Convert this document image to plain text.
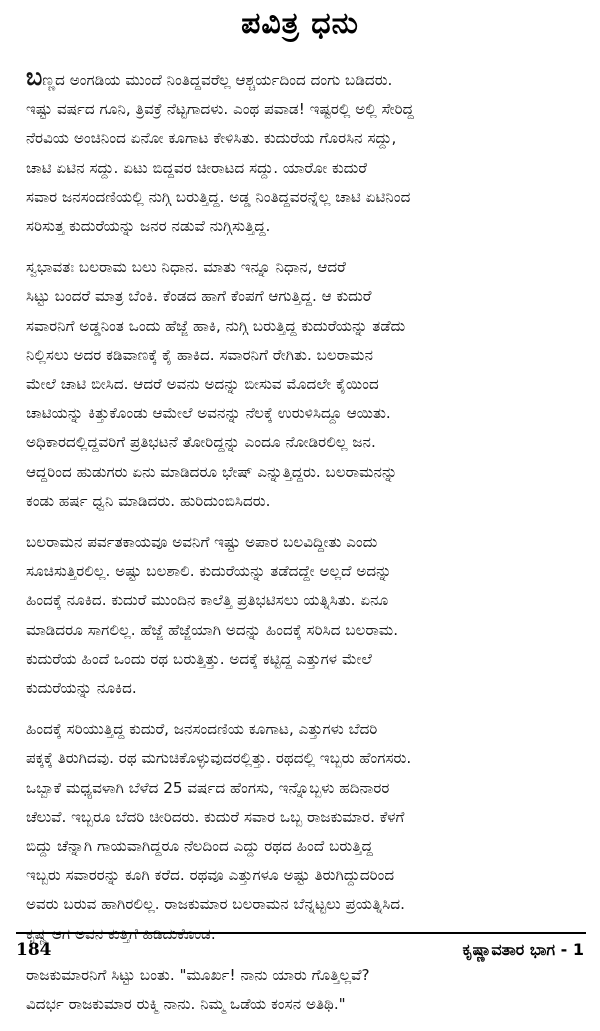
ಪವಿತ್ರ ಧನು
ಬಣ್ಣದ ಅಂಗಡಿಯ ಮುಂದೆ ನಿಂತಿದ್ದವರೆಲ್ಲ ಆಶ್ಚರ್ಯದಿಂದ ದಂಗು ಬಡಿದರು.
ಇಷ್ಟು ವರ್ಷದ ಗೂನಿ, ತ್ರಿವಕ್ರೆ ನೆಟ್ಟಗಾದಳು. ಎಂಥ ಪವಾಡ! ಇಷ್ಟರಲ್ಲಿ ಅಲ್ಲಿ ಸೇರಿದ್ದ
ನೆರವಿಯ ಅಂಚಿನಿಂದ ಏನೋ ಕೂಗಾಟ ಕೇಳಿಸಿತು. ಕುದುರೆಯ ಗೊರಸಿನ ಸದ್ದು,
ಚಾಟಿ ಏಟಿನ ಸದ್ದು. ಏಟು ಬಿದ್ದವರ ಚೀರಾಟದ ಸದ್ದು. ಯಾರೋ ಕುದುರೆ
ಸವಾರ ಜನಸಂದಣಿಯಲ್ಲಿ ನುಗ್ಗಿ ಬರುತ್ತಿದ್ದ. ಅಡ್ಡ ನಿಂತಿದ್ದವರನ್ನೆಲ್ಲ ಚಾಟಿ ಏಟಿನಿಂದ
ಸರಿಸುತ್ತ ಕುದುರೆಯನ್ನು ಜನರ ನಡುವೆ ನುಗ್ಗಿಸುತ್ತಿದ್ದ.
ಸ್ವಭಾವತಃ ಬಲರಾಮ ಬಲು ನಿಧಾನ. ಮಾತು ಇನ್ನೂ ನಿಧಾನ, ಆದರೆ
ಸಿಟ್ಟು ಬಂದರೆ ಮಾತ್ರ ಬೆಂಕಿ. ಕೆಂಡದ ಹಾಗೆ ಕೆಂಪಗೆ ಆಗುತ್ತಿದ್ದ. ಆ ಕುದುರೆ
ಸವಾರನಿಗೆ ಅಡ್ಡನಿಂತ ಒಂದು ಹೆಜ್ಜೆ ಹಾಕಿ, ನುಗ್ಗಿ ಬರುತ್ತಿದ್ದ ಕುದುರೆಯನ್ನು ತಡೆದು
ನಿಲ್ಲಿಸಲು ಅದರ ಕಡಿವಾಣಕ್ಕೆ ಕೈ ಹಾಕಿದ. ಸವಾರನಿಗೆ ರೇಗಿತು. ಬಲರಾಮನ
ಮೇಲೆ ಚಾಟಿ ಬೀಸಿದ. ಆದರೆ ಅವನು ಅದನ್ನು ಬೀಸುವ ಮೊದಲೇ ಕೈಯಿಂದ
ಚಾಟಿಯನ್ನು ಕಿತ್ತುಕೊಂಡು ಆಮೇಲೆ ಅವನನ್ನು ನೆಲಕ್ಕೆ ಉರುಳಿಸಿದ್ದೂ ಆಯಿತು.
ಅಧಿಕಾರದಲ್ಲಿದ್ದವರಿಗೆ ಪ್ರತಿಭಟನೆ ತೋರಿದ್ದನ್ನು ಎಂದೂ ನೋಡಿರಲಿಲ್ಲ ಜನ.
ಆದ್ದರಿಂದ ಹುಡುಗರು ಏನು ಮಾಡಿದರೂ ಭೇಷ್ ಎನ್ನುತ್ತಿದ್ದರು. ಬಲರಾಮನನ್ನು
ಕಂಡು ಹರ್ಷ ಧ್ವನಿ ಮಾಡಿದರು. ಹುರಿದುಂಬಿಸಿದರು.
ಬಲರಾಮನ ಪರ್ವತಕಾಯವೂ ಅವನಿಗೆ ಇಷ್ಟು ಅಪಾರ ಬಲವಿದ್ದೀತು ಎಂದು
ಸೂಚಿಸುತ್ತಿರಲಿಲ್ಲ. ಅಷ್ಟು ಬಲಶಾಲಿ. ಕುದುರೆಯನ್ನು ತಡೆದದ್ದೇ ಅಲ್ಲದೆ ಅದನ್ನು
ಹಿಂದಕ್ಕೆ ನೂಕಿದ. ಕುದುರೆ ಮುಂದಿನ ಕಾಲೆತ್ತಿ ಪ್ರತಿಭಟಿಸಲು ಯತ್ನಿಸಿತು. ಏನೂ
ಮಾಡಿದರೂ ಸಾಗಲಿಲ್ಲ. ಹೆಜ್ಜೆ ಹೆಜ್ಜೆಯಾಗಿ ಅದನ್ನು ಹಿಂದಕ್ಕೆ ಸರಿಸಿದ ಬಲರಾಮ.
ಕುದುರೆಯ ಹಿಂದೆ ಒಂದು ರಥ ಬರುತ್ತಿತ್ತು. ಅದಕ್ಕೆ ಕಟ್ಟಿದ್ದ ಎತ್ತುಗಳ ಮೇಲೆ
ಕುದುರೆಯನ್ನು ನೂಕಿದ.
ಹಿಂದಕ್ಕೆ ಸರಿಯುತ್ತಿದ್ದ ಕುದುರೆ, ಜನಸಂದಣಿಯ ಕೂಗಾಟ, ಎತ್ತುಗಳು ಬೆದರಿ
ಪಕ್ಕಕ್ಕೆ ತಿರುಗಿದವು. ರಥ ಮಗುಚಿಕೊಳ್ಳುವುದರಲ್ಲಿತ್ತು. ರಥದಲ್ಲಿ ಇಬ್ಬರು ಹೆಂಗಸರು.
ಒಬ್ಬಾಕೆ ಮಧ್ಯವಳಾಗಿ ಬೆಳೆದ 25 ವರ್ಷದ ಹೆಂಗಸು, ಇನ್ನೊಬ್ಬಳು ಹದಿನಾರರ
ಚೆಲುವೆ. ಇಬ್ಬರೂ ಬೆದರಿ ಚೀರಿದರು. ಕುದುರೆ ಸವಾರ ಒಬ್ಬ ರಾಜಕುಮಾರ. ಕೆಳಗೆ
ಬಿದ್ದು ಚೆನ್ನಾಗಿ ಗಾಯವಾಗಿದ್ದರೂ ನೆಲದಿಂದ ಎದ್ದು ರಥದ ಹಿಂದೆ ಬರುತ್ತಿದ್ದ
ಇಬ್ಬರು ಸವಾರರನ್ನು ಕೂಗಿ ಕರೆದ. ರಥವೂ ಎತ್ತುಗಳೂ ಅಷ್ಟು ತಿರುಗಿದ್ದುದರಿಂದ
ಅವರು ಬರುವ ಹಾಗಿರಲಿಲ್ಲ. ರಾಜಕುಮಾರ ಬಲರಾಮನ ಬೆನ್ನಟ್ಟಲು ಪ್ರಯತ್ನಿಸಿದ.
ಕೃಷ್ಣ ಆಗ ಅವನ ಕುತ್ತಿಗೆ ಹಿಡಿದುಕೊಂಡ.
ರಾಜಕುಮಾರನಿಗೆ ಸಿಟ್ಟು ಬಂತು. "ಮೂರ್ಖ! ನಾನು ಯಾರು ಗೊತ್ತಿಲ್ಲವೆ?
ವಿದರ್ಭ ರಾಜಕುಮಾರ ರುಕ್ಮಿ ನಾನು. ನಿಮ್ಮ ಒಡೆಯ ಕಂಸನ ಅತಿಥಿ."
184	ಕೃಷ್ಣಾವತಾರ ಭಾಗ - 1
